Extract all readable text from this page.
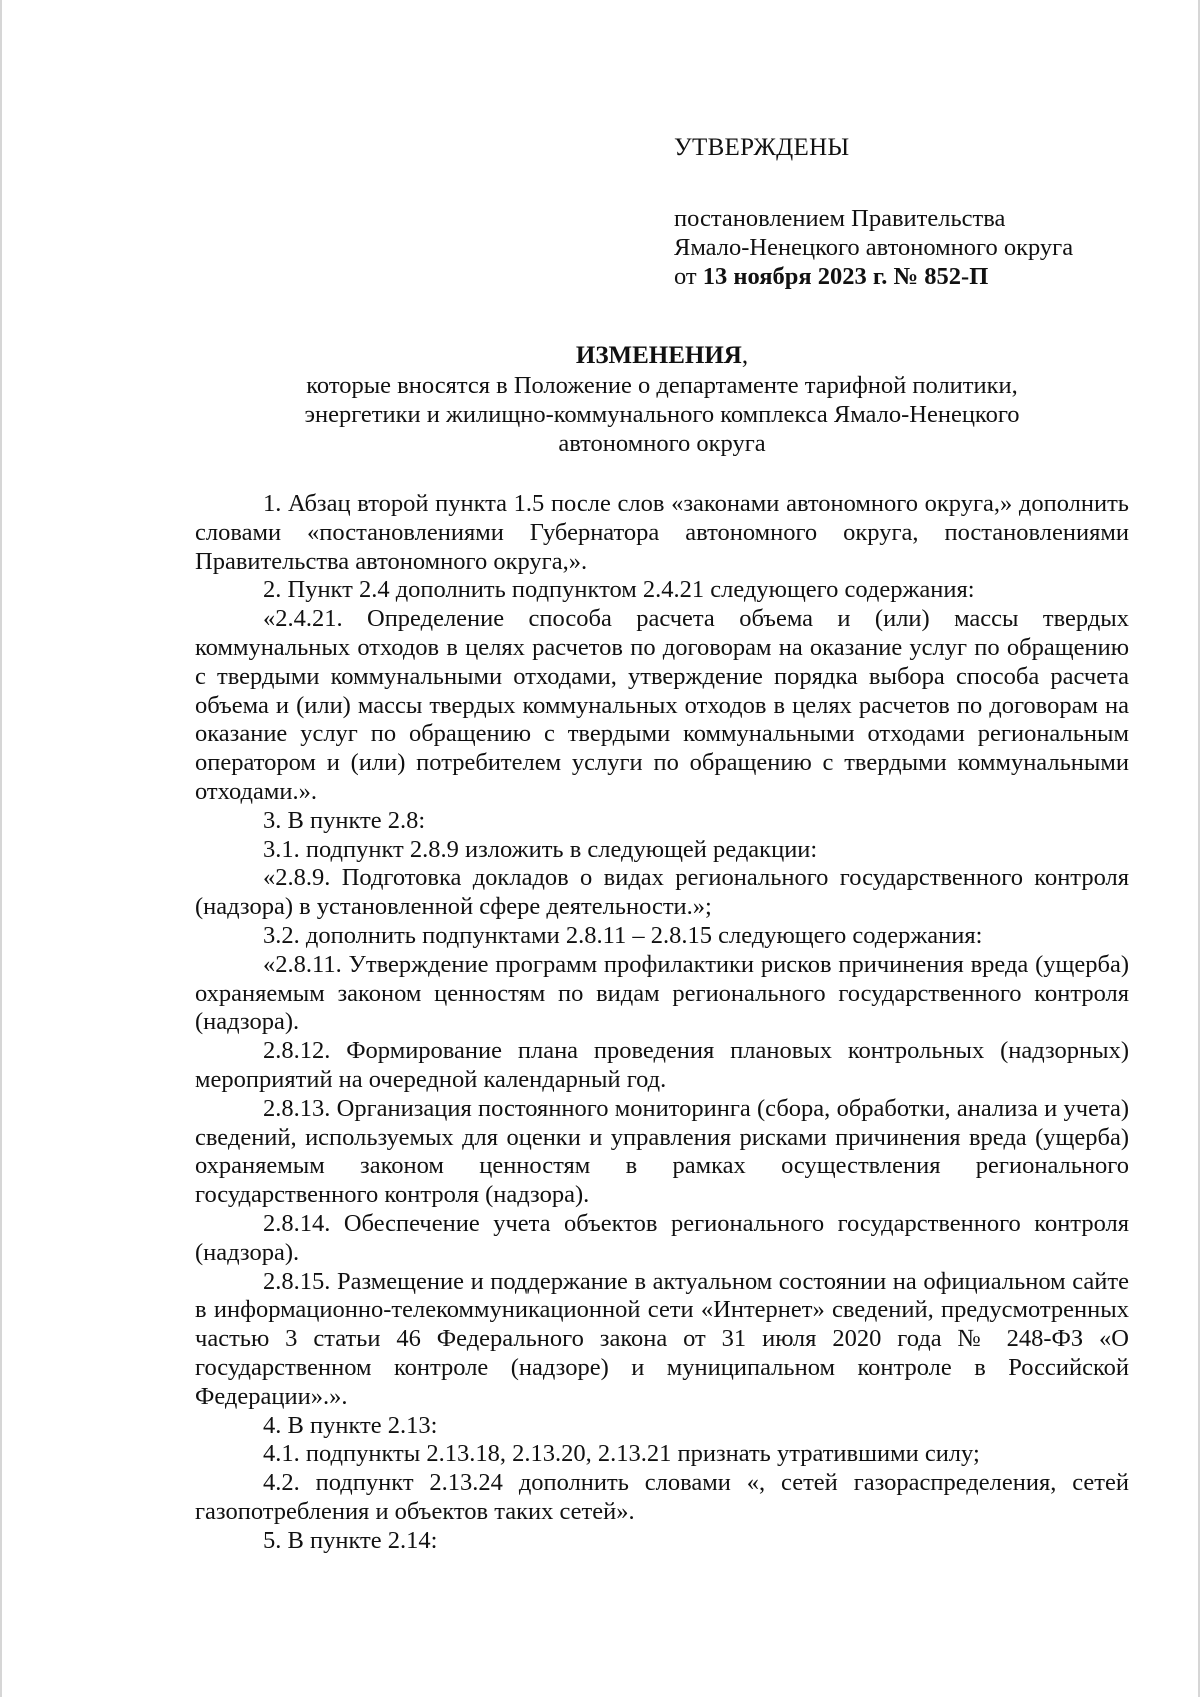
УТВЕРЖДЕНЫ
постановлением Правительства
Ямало-Ненецкого автономного округа
от 13 ноября 2023 г. № 852-П
ИЗМЕНЕНИЯ,
которые вносятся в Положение о департаменте тарифной политики,
энергетики и жилищно-коммунального комплекса Ямало-Ненецкого
автономного округа

1. Абзац второй пункта 1.5 после слов «законами автономного округа,» дополнить словами «постановлениями Губернатора автономного округа, постановлениями Правительства автономного округа,».

2. Пункт 2.4 дополнить подпунктом 2.4.21 следующего содержания:

«2.4.21. Определение способа расчета объема и (или) массы твердых коммунальных отходов в целях расчетов по договорам на оказание услуг по обращению с твердыми коммунальными отходами, утверждение порядка выбора способа расчета объема и (или) массы твердых коммунальных отходов в целях расчетов по договорам на оказание услуг по обращению с твердыми коммунальными отходами региональным оператором и (или) потребителем услуги по обращению с твердыми коммунальными отходами.».

3. В пункте 2.8:

3.1. подпункт 2.8.9 изложить в следующей редакции:

«2.8.9. Подготовка докладов о видах регионального государственного контроля (надзора) в установленной сфере деятельности.»;

3.2. дополнить подпунктами 2.8.11 – 2.8.15 следующего содержания:

«2.8.11. Утверждение программ профилактики рисков причинения вреда (ущерба) охраняемым законом ценностям по видам регионального государственного контроля (надзора).

2.8.12. Формирование плана проведения плановых контрольных (надзорных) мероприятий на очередной календарный год.

2.8.13. Организация постоянного мониторинга (сбора, обработки, анализа и учета) сведений, используемых для оценки и управления рисками причинения вреда (ущерба) охраняемым законом ценностям в рамках осуществления регионального государственного контроля (надзора).

2.8.14. Обеспечение учета объектов регионального государственного контроля (надзора).

2.8.15. Размещение и поддержание в актуальном состоянии на официальном сайте в информационно-телекоммуникационной сети «Интернет» сведений, предусмотренных частью 3 статьи 46 Федерального закона от 31 июля 2020 года № 248-ФЗ «О государственном контроле (надзоре) и муниципальном контроле в Российской Федерации».».

4. В пункте 2.13:

4.1. подпункты 2.13.18, 2.13.20, 2.13.21 признать утратившими силу;

4.2. подпункт 2.13.24 дополнить словами «, сетей газораспределения, сетей газопотребления и объектов таких сетей».

5. В пункте 2.14:
